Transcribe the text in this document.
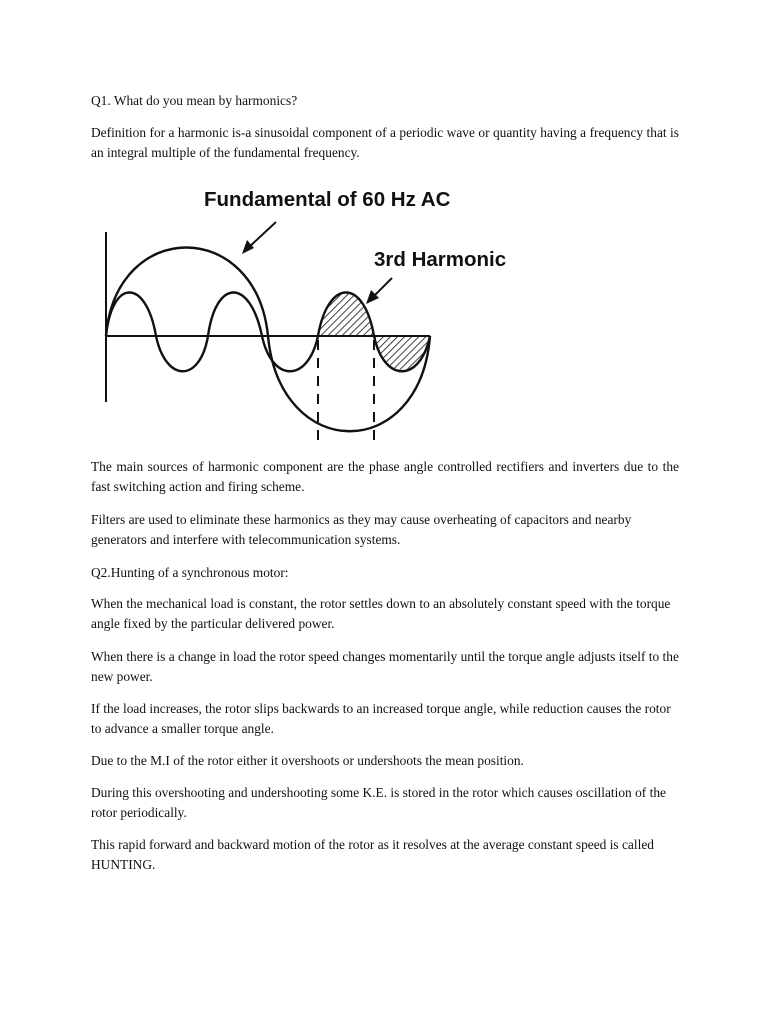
Q1. What do you mean by harmonics?

Definition for a harmonic is-a sinusoidal component of a periodic wave or quantity having a frequency that is an integral multiple of the fundamental frequency.

Fundamental of 60 Hz AC
3rd Harmonic

The main sources of harmonic component are the phase angle controlled rectifiers and inverters due to the fast switching action and firing scheme.

Filters are used to eliminate these harmonics as they may cause overheating of capacitors and nearby generators and interfere with telecommunication systems.

Q2.Hunting of a synchronous motor:

When the mechanical load is constant, the rotor settles down to an absolutely constant speed with the torque angle fixed by the particular delivered power.

When there is a change in load the rotor speed changes momentarily until the torque angle adjusts itself to the new power.

If the load increases, the rotor slips backwards to an increased torque angle, while reduction causes the rotor to advance a smaller torque angle.

Due to the M.I of the rotor either it overshoots or undershoots the mean position.

During this overshooting and undershooting some K.E. is stored in the rotor which causes oscillation of the rotor periodically.

This rapid forward and backward motion of the rotor as it resolves at the average constant speed is called HUNTING.
